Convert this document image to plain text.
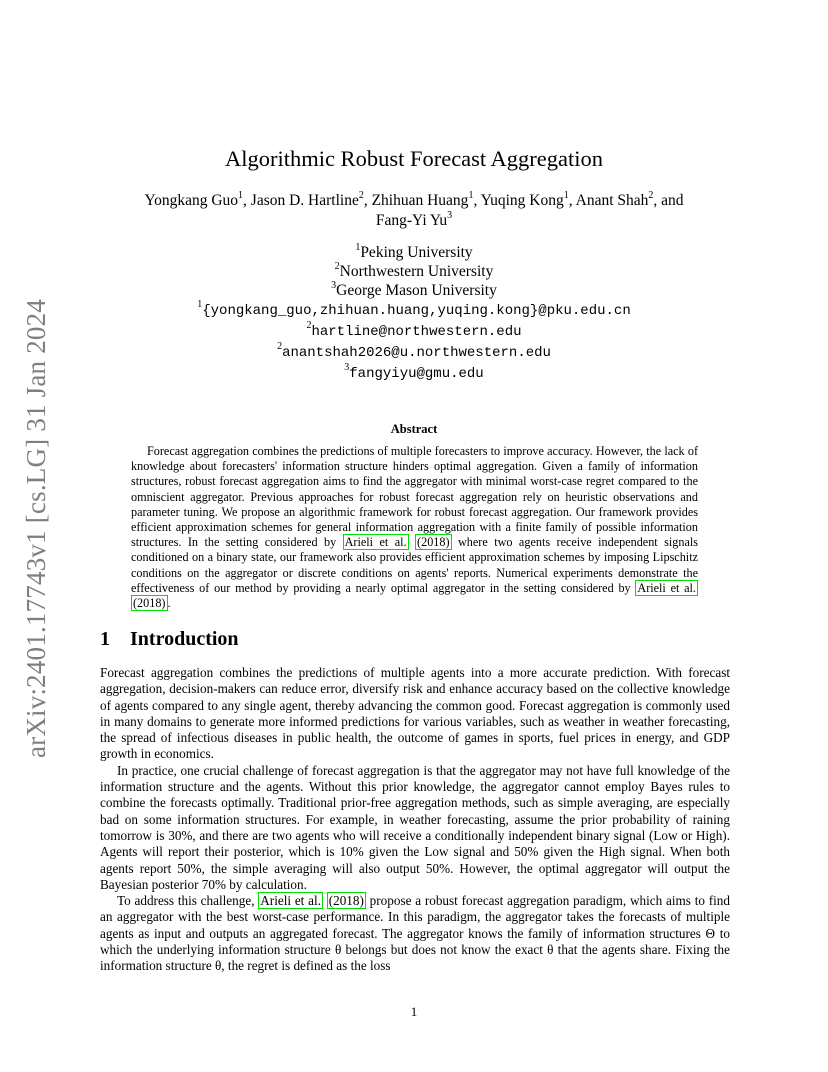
arXiv:2401.17743v1 [cs.LG] 31 Jan 2024
Algorithmic Robust Forecast Aggregation
Yongkang Guo$^1$, Jason D. Hartline$^2$, Zhihuan Huang$^1$, Yuqing Kong$^1$, Anant Shah$^2$, and
Fang-Yi Yu$^3$
$^1$Peking University
$^2$Northwestern University
$^3$George Mason University
$^1${yongkang_guo,zhihuan.huang,yuqing.kong}@pku.edu.cn
$^2$hartline@northwestern.edu
$^2$anantshah2026@u.northwestern.edu
$^3$fangyiyu@gmu.edu
Abstract
Forecast aggregation combines the predictions of multiple forecasters to improve accuracy. However, the lack of knowledge about forecasters' information structure hinders optimal aggregation. Given a family of information structures, robust forecast aggregation aims to find the aggregator with minimal worst-case regret compared to the omniscient aggregator. Previous approaches for robust forecast aggregation rely on heuristic observations and parameter tuning. We propose an algorithmic framework for robust forecast aggregation. Our framework provides efficient approximation schemes for general information aggregation with a finite family of possible information structures. In the setting considered by Arieli et al. (2018) where two agents receive independent signals conditioned on a binary state, our framework also provides efficient approximation schemes by imposing Lipschitz conditions on the aggregator or discrete conditions on agents' reports. Numerical experiments demonstrate the effectiveness of our method by providing a nearly optimal aggregator in the setting considered by Arieli et al. (2018) .
1 Introduction

Forecast aggregation combines the predictions of multiple agents into a more accurate prediction. With forecast aggregation, decision-makers can reduce error, diversify risk and enhance accuracy based on the collective knowledge of agents compared to any single agent, thereby advancing the common good. Forecast aggregation is commonly used in many domains to generate more informed predictions for various variables, such as weather in weather forecasting, the spread of infectious diseases in public health, the outcome of games in sports, fuel prices in energy, and GDP growth in economics.

In practice, one crucial challenge of forecast aggregation is that the aggregator may not have full knowledge of the information structure and the agents. Without this prior knowledge, the aggregator cannot employ Bayes rules to combine the forecasts optimally. Traditional prior-free aggregation methods, such as simple averaging, are especially bad on some information structures. For example, in weather forecasting, assume the prior probability of raining tomorrow is 30%, and there are two agents who will receive a conditionally independent binary signal (Low or High). Agents will report their posterior, which is 10% given the Low signal and 50% given the High signal. When both agents report 50%, the simple averaging will also output 50%. However, the optimal aggregator will output the Bayesian posterior 70% by calculation.

To address this challenge, Arieli et al. (2018) propose a robust forecast aggregation paradigm, which aims to find an aggregator with the best worst-case performance. In this paradigm, the aggregator takes the forecasts of multiple agents as input and outputs an aggregated forecast. The aggregator knows the family of information structures Θ to which the underlying information structure θ belongs but does not know the exact θ that the agents share. Fixing the information structure θ, the regret is defined as the loss

1
